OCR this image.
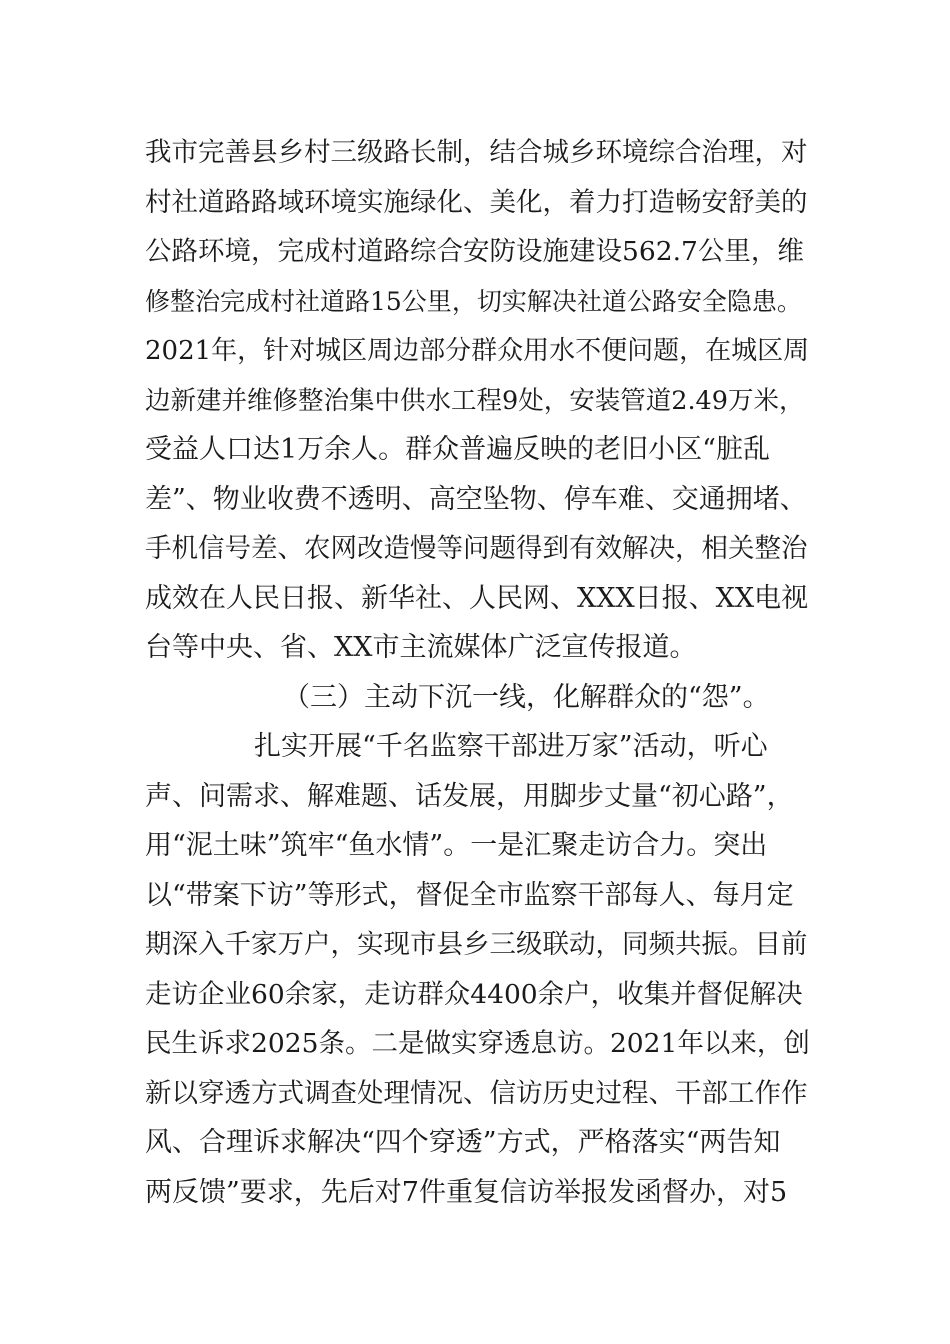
我市完善县乡村三级路长制，结合城乡环境综合治理，对
村社道路路域环境实施绿化、美化，着力打造畅安舒美的
公路环境，完成村道路综合安防设施建设562.7公里，维
修整治完成村社道路15公里，切实解决社道公路安全隐患。
2021年，针对城区周边部分群众用水不便问题，在城区周
边新建并维修整治集中供水工程9处，安装管道2.49万米，
受益人口达1万余人。群众普遍反映的老旧小区“脏乱
差”、物业收费不透明、高空坠物、停车难、交通拥堵、
手机信号差、农网改造慢等问题得到有效解决，相关整治
成效在人民日报、新华社、人民网、XXX日报、XX电视
台等中央、省、XX市主流媒体广泛宣传报道。
（三）主动下沉一线，化解群众的“怨”。
扎实开展“千名监察干部进万家”活动，听心
声、问需求、解难题、话发展，用脚步丈量“初心路”，
用“泥土味”筑牢“鱼水情”。一是汇聚走访合力。突出
以“带案下访”等形式，督促全市监察干部每人、每月定
期深入千家万户，实现市县乡三级联动，同频共振。目前
走访企业60余家，走访群众4400余户，收集并督促解决
民生诉求2025条。二是做实穿透息访。2021年以来，创
新以穿透方式调查处理情况、信访历史过程、干部工作作
风、合理诉求解决“四个穿透”方式，严格落实“两告知
两反馈”要求，先后对7件重复信访举报发函督办，对5
